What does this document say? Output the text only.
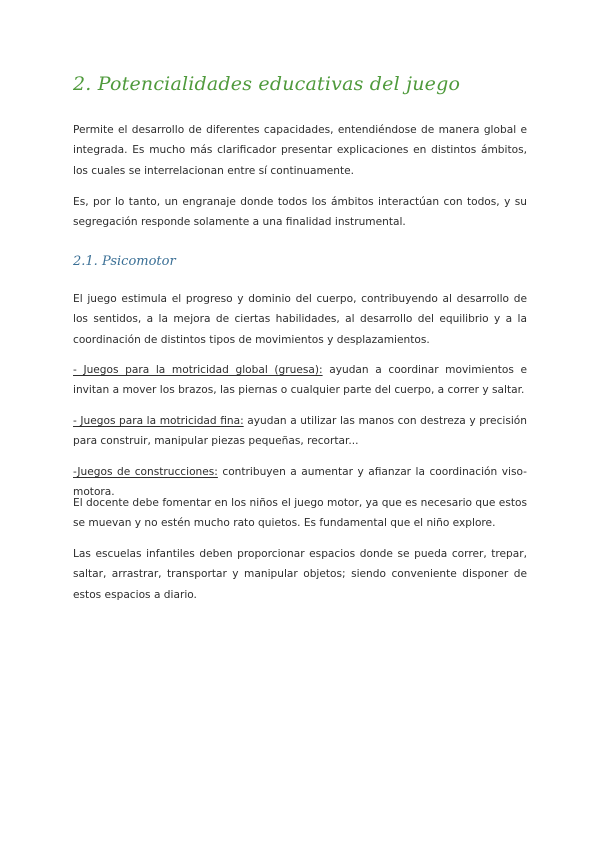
2. Potencialidades educativas del juego

Permite el desarrollo de diferentes capacidades, entendiéndose de manera global e integrada. Es mucho más clarificador presentar explicaciones en distintos ámbitos, los cuales se interrelacionan entre sí continuamente.

Es, por lo tanto, un engranaje donde todos los ámbitos interactúan con todos, y su segregación responde solamente a una finalidad instrumental.

2.1. Psicomotor

El juego estimula el progreso y dominio del cuerpo, contribuyendo al desarrollo de los sentidos, a la mejora de ciertas habilidades, al desarrollo del equilibrio y a la coordinación de distintos tipos de movimientos y desplazamientos.

- Juegos para la motricidad global (gruesa): ayudan a coordinar movimientos e invitan a mover los brazos, las piernas o cualquier parte del cuerpo, a correr y saltar.

- Juegos para la motricidad fina: ayudan a utilizar las manos con destreza y precisión para construir, manipular piezas pequeñas, recortar...

-Juegos de construcciones: contribuyen a aumentar y afianzar la coordinación viso-motora.

El docente debe fomentar en los niños el juego motor, ya que es necesario que estos se muevan y no estén mucho rato quietos. Es fundamental que el niño explore.

Las escuelas infantiles deben proporcionar espacios donde se pueda correr, trepar, saltar, arrastrar, transportar y manipular objetos; siendo conveniente disponer de estos espacios a diario.
